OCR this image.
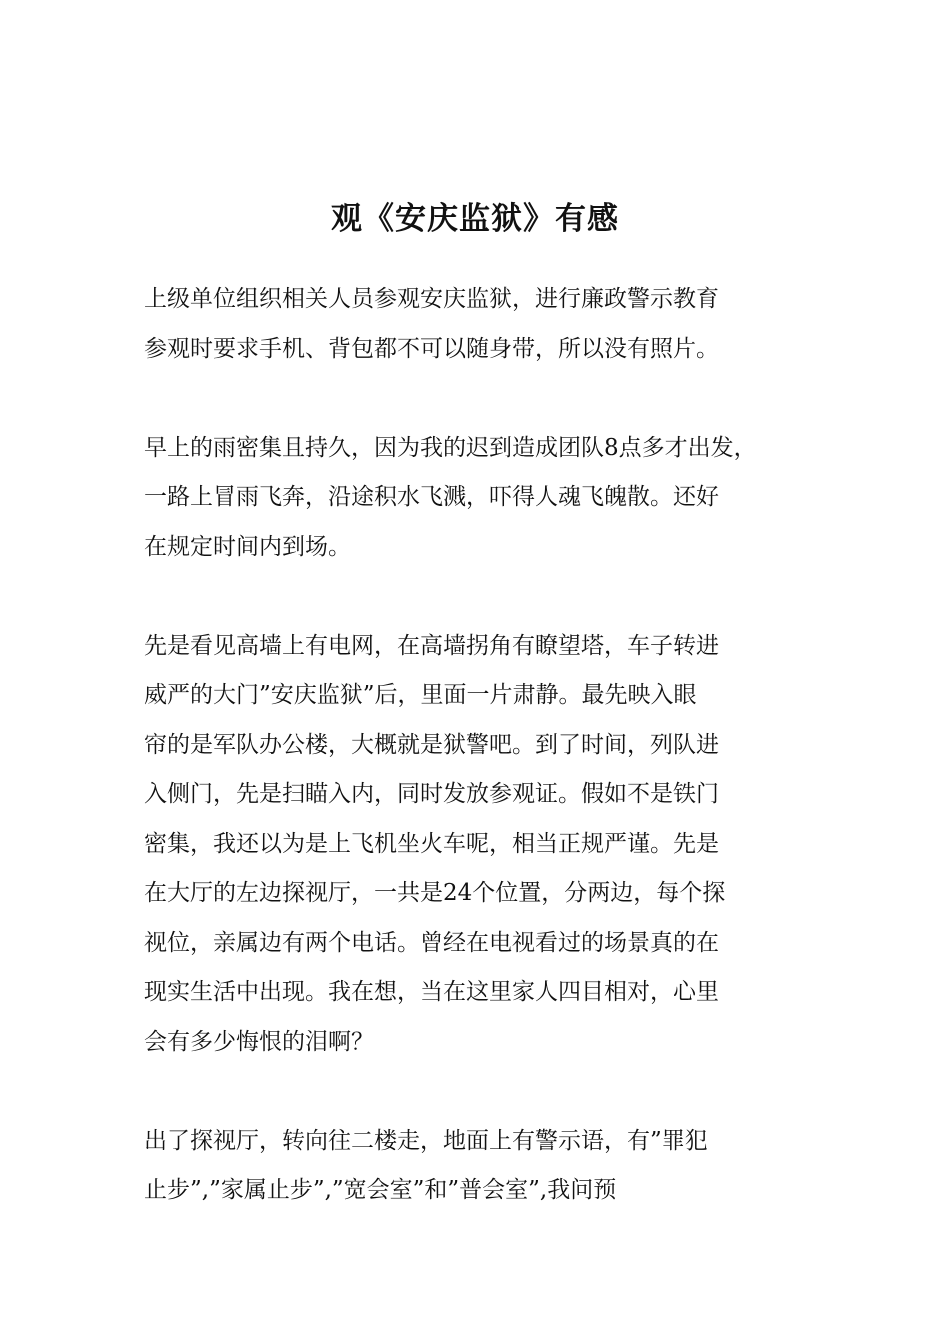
观《安庆监狱》有感

上级单位组织相关人员参观安庆监狱，进行廉政警示教育
参观时要求手机、背包都不可以随身带，所以没有照片。

早上的雨密集且持久，因为我的迟到造成团队8点多才出发，
一路上冒雨飞奔，沿途积水飞溅，吓得人魂飞魄散。还好
在规定时间内到场。

先是看见高墙上有电网，在高墙拐角有瞭望塔，车子转进
威严的大门”安庆监狱”后，里面一片肃静。最先映入眼
帘的是军队办公楼，大概就是狱警吧。到了时间，列队进
入侧门，先是扫瞄入内，同时发放参观证。假如不是铁门
密集，我还以为是上飞机坐火车呢，相当正规严谨。先是
在大厅的左边探视厅，一共是24个位置，分两边，每个探
视位，亲属边有两个电话。曾经在电视看过的场景真的在
现实生活中出现。我在想，当在这里家人四目相对，心里
会有多少悔恨的泪啊？

出了探视厅，转向往二楼走，地面上有警示语，有”罪犯
止步”,”家属止步”,”宽会室”和”普会室”,我问预
